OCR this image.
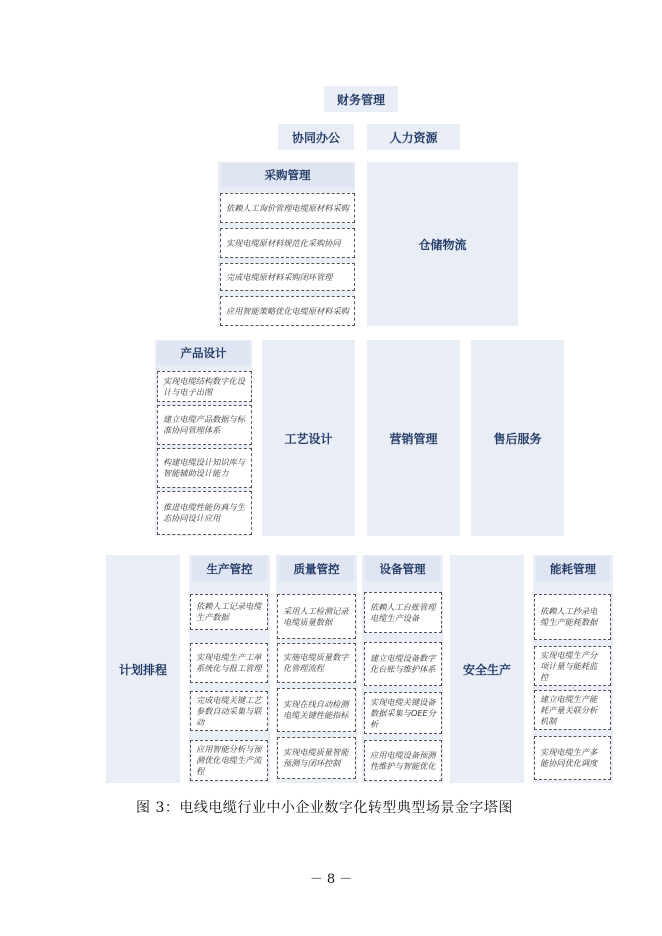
财务管理
协同办公	人力资源
采购管理
依赖人工询价管理电缆原材料采购
实现电缆原材料规范化采购协同
完成电缆原材料采购闭环管理
应用智能策略优化电缆原材料采购
仓储物流
产品设计
实现电缆结构数字化设计与电子出图
建立电缆产品数据与标准协同管理体系
构建电缆设计知识库与智能辅助设计能力
推进电缆性能仿真与生态协同设计应用
工艺设计	营销管理	售后服务
计划排程
生产管控
依赖人工记录电缆生产数据
实现电缆生产工单系统化与报工管理
完成电缆关键工艺参数自动采集与联动
应用智能分析与预测优化电缆生产流程
质量管控
采用人工检测记录电缆质量数据
实施电缆质量数字化管理流程
实现在线自动检测电缆关键性能指标
实现电缆质量智能预测与闭环控制
设备管理
依赖人工台账管理电缆生产设备
建立电缆设备数字化台账与维护体系
实现电缆关键设备数据采集与OEE分析
应用电缆设备预测性维护与智能优化
安全生产
能耗管理
依赖人工抄录电缆生产能耗数据
实现电缆生产分项计量与能耗监控
建立电缆生产能耗产量关联分析机制
实现电缆生产多能协同优化调度
图 3：电线电缆行业中小企业数字化转型典型场景金字塔图
－ 8 －
